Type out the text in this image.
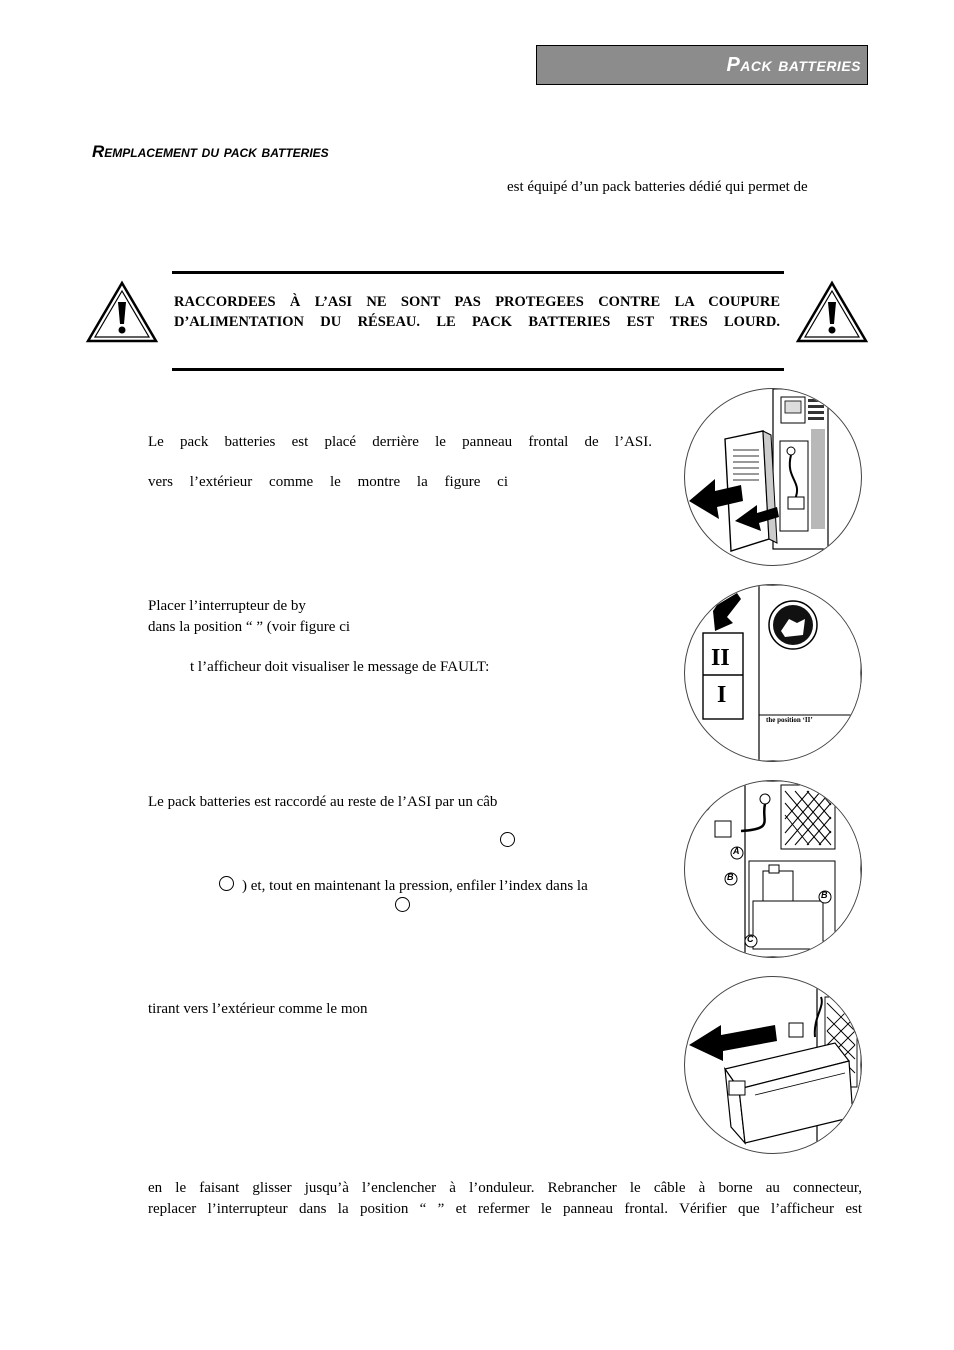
Pack batteries
Remplacement du pack batteries
est équipé d’un pack batteries dédié qui permet de
RACCORDEES À L’ASI NE SONT PAS PROTEGEES CONTRE LA COUPURE
D’ALIMENTATION DU RÉSEAU. LE PACK BATTERIES EST TRES LOURD.
Le pack batteries est placé derrière le panneau frontal de l’ASI.
vers l’extérieur comme le montre la figure ci
Placer l’interrupteur de by
dans la position “ ” (voir figure ci
t l’afficheur doit visualiser le message de FAULT:	II
I
the position ‘II’
Le pack batteries est raccordé au reste de l’ASI par un câb
) et, tout en maintenant la pression, enfiler l’index dans la
A
A
B
B
C
tirant vers l’extérieur comme le mon
en le faisant glisser jusqu’à l’enclencher à l’onduleur. Rebrancher le câble à borne au connecteur,
replacer l’interrupteur dans la position “ ” et refermer le panneau frontal. Vérifier que l’afficheur est
